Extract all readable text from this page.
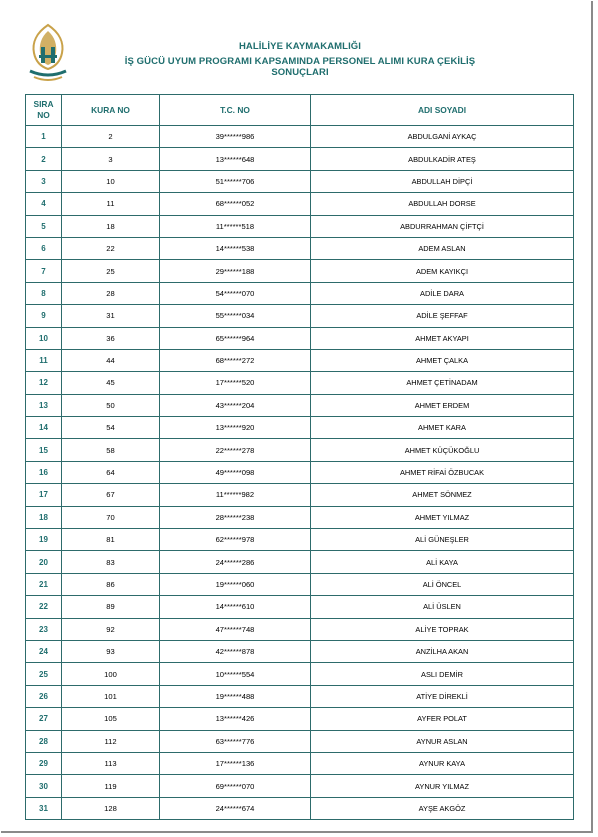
HALİLİYE KAYMAKAMLIĞI
İŞ GÜCÜ UYUM PROGRAMI KAPSAMINDA PERSONEL ALIMI KURA ÇEKİLİŞ SONUÇLARI
SIRA
NO	KURA NO	T.C. NO	ADI SOYADI
1	2	39******986	ABDULGANİ AYKAÇ
2	3	13******648	ABDULKADİR ATEŞ
3	10	51******706	ABDULLAH DİPÇİ
4	11	68******052	ABDULLAH DORSE
5	18	11******518	ABDURRAHMAN ÇİFTÇİ
6	22	14******538	ADEM ASLAN
7	25	29******188	ADEM KAYIKÇI
8	28	54******070	ADİLE DARA
9	31	55******034	ADİLE ŞEFFAF
10	36	65******964	AHMET AKYAPI
11	44	68******272	AHMET ÇALKA
12	45	17******520	AHMET ÇETİNADAM
13	50	43******204	AHMET ERDEM
14	54	13******920	AHMET KARA
15	58	22******278	AHMET KÜÇÜKOĞLU
16	64	49******098	AHMET RİFAİ ÖZBUCAK
17	67	11******982	AHMET SÖNMEZ
18	70	28******238	AHMET YILMAZ
19	81	62******978	ALİ GÜNEŞLER
20	83	24******286	ALİ KAYA
21	86	19******060	ALİ ÖNCEL
22	89	14******610	ALİ ÜSLEN
23	92	47******748	ALİYE TOPRAK
24	93	42******878	ANZİLHA AKAN
25	100	10******554	ASLI DEMİR
26	101	19******488	ATİYE DİREKLİ
27	105	13******426	AYFER POLAT
28	112	63******776	AYNUR ASLAN
29	113	17******136	AYNUR KAYA
30	119	69******070	AYNUR YILMAZ
31	128	24******674	AYŞE AKGÖZ
